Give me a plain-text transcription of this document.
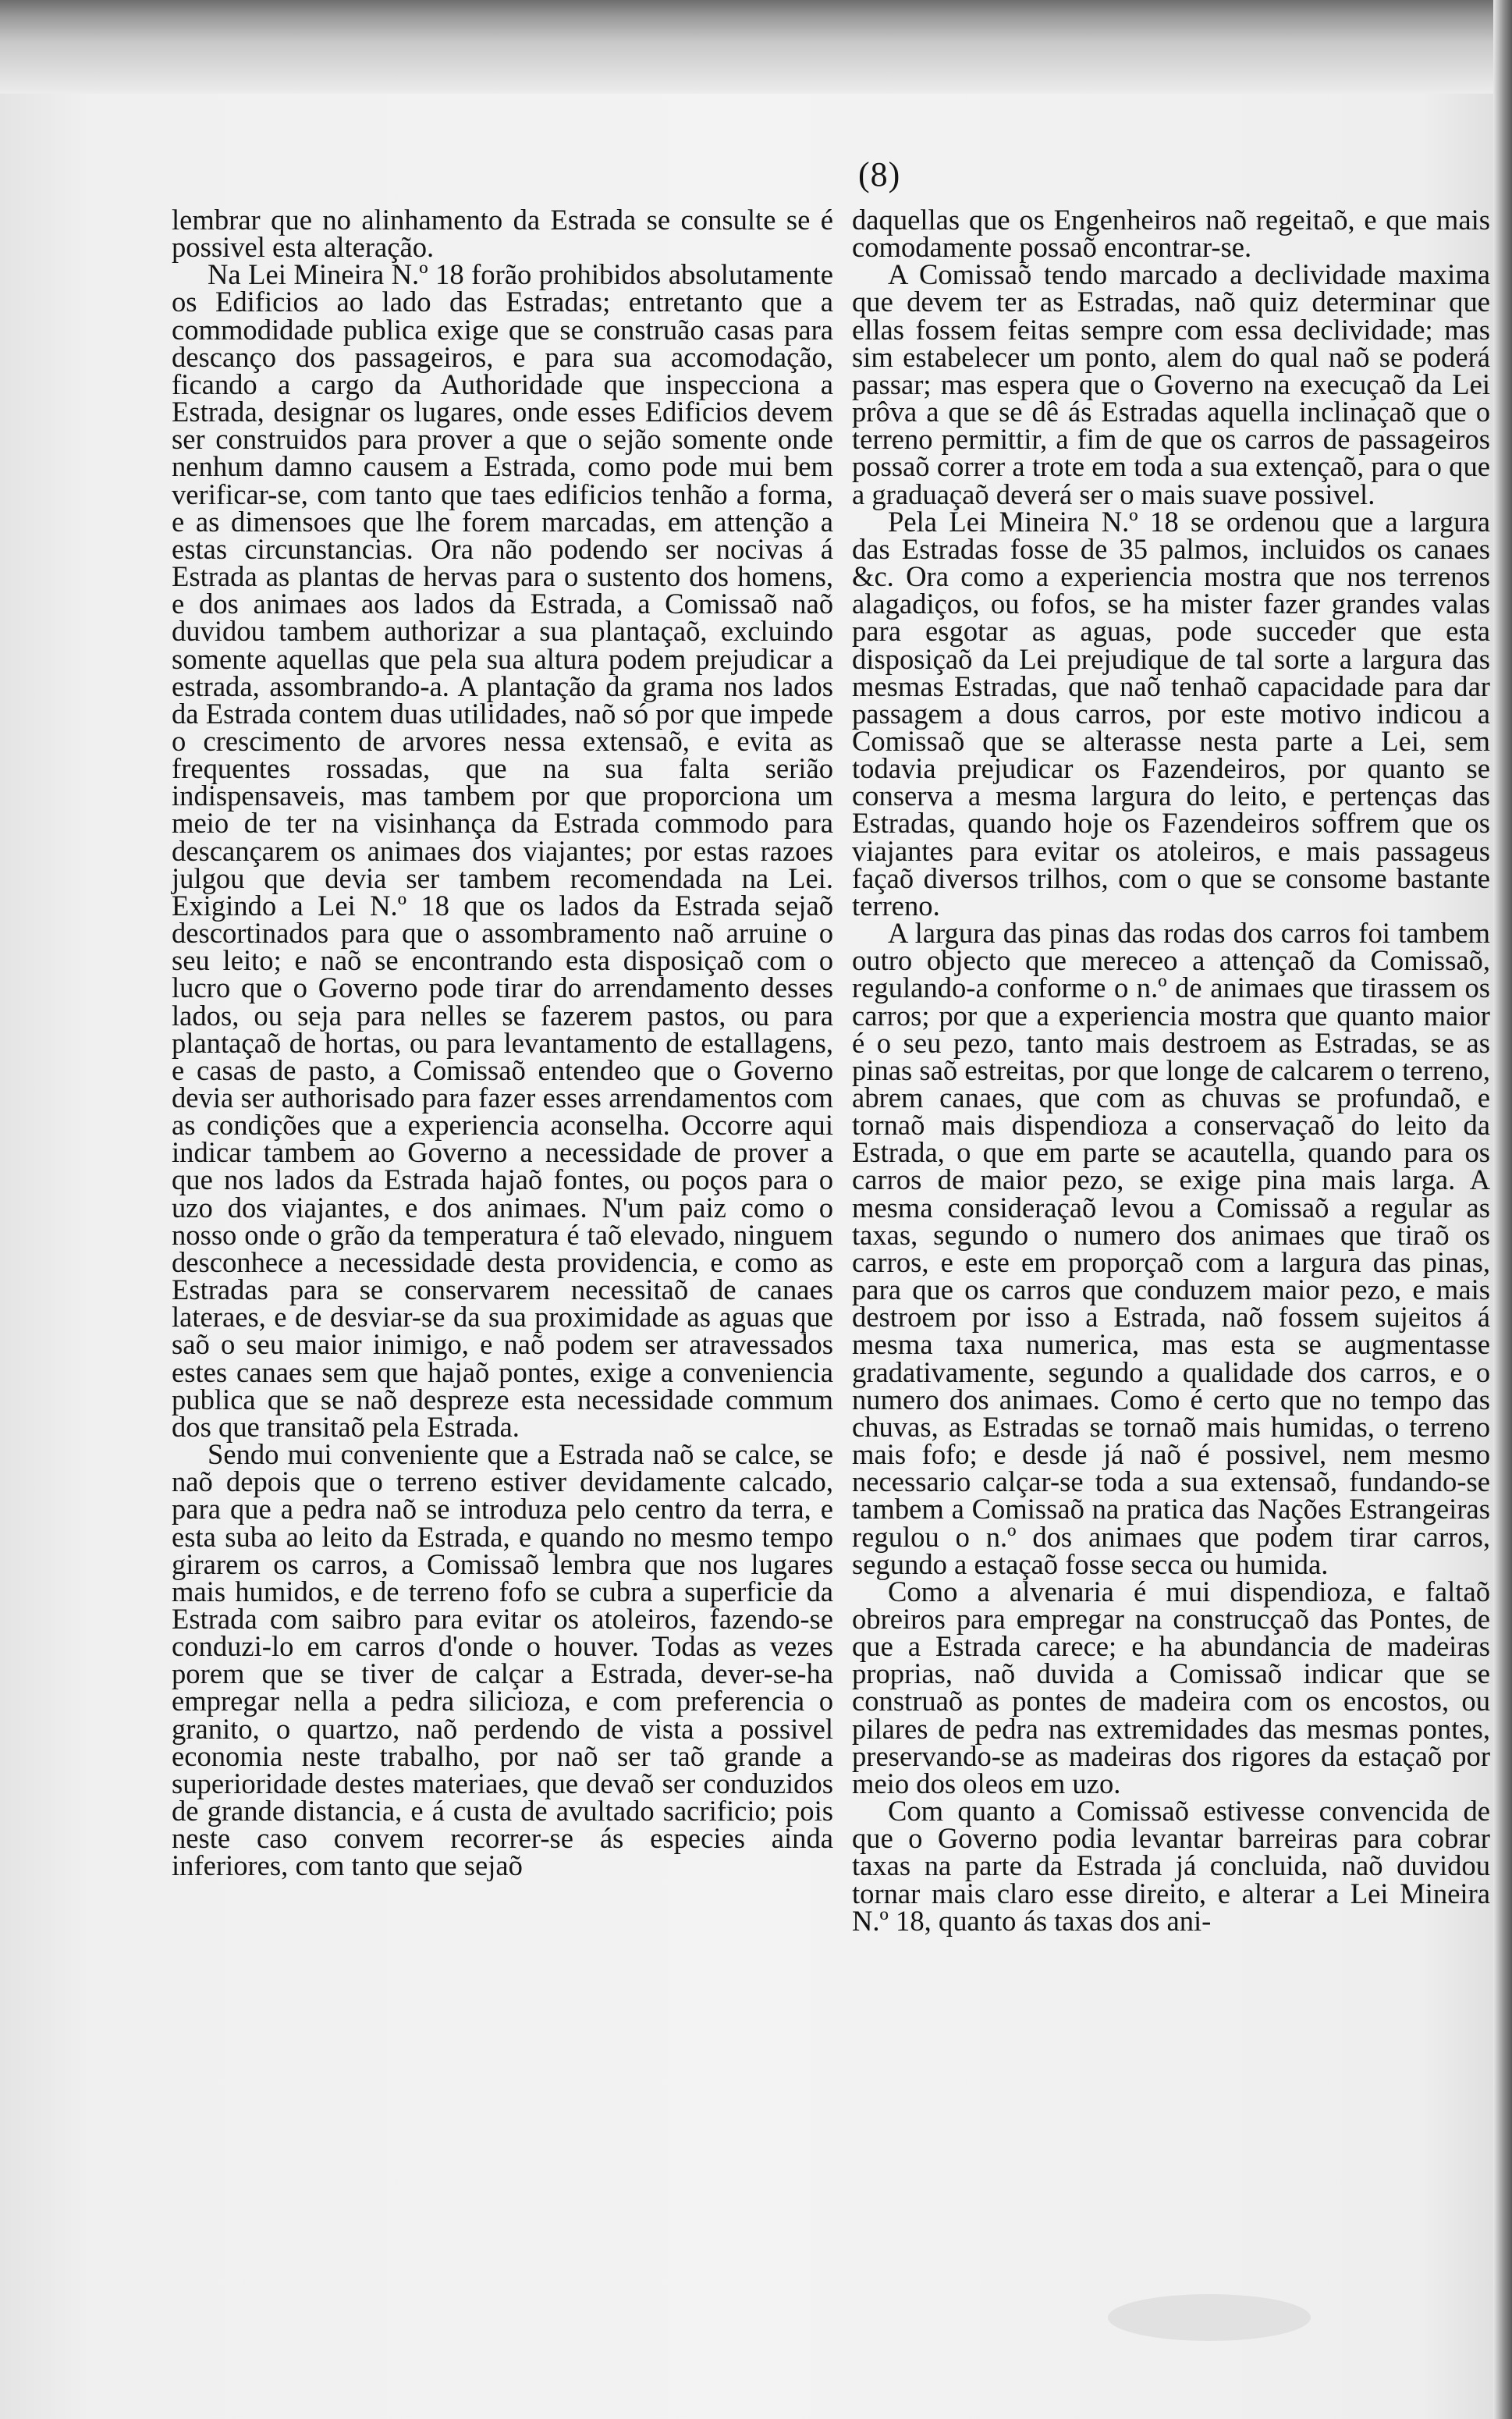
(8)

lembrar que no alinhamento da Estrada se consulte se é possivel esta alteração.

Na Lei Mineira N.º 18 forão prohibidos absolutamente os Edificios ao lado das Estradas; entretanto que a commodidade publica exige que se construão casas para descanço dos passageiros, e para sua accomodação, ficando a cargo da Authoridade que inspecciona a Estrada, designar os lugares, onde esses Edificios devem ser construidos para prover a que o sejão somente onde nenhum damno causem a Estrada, como pode mui bem verificar-se, com tanto que taes edificios tenhão a forma, e as dimensoes que lhe forem marcadas, em attenção a estas circunstancias. Ora não podendo ser nocivas á Estrada as plantas de hervas para o sustento dos homens, e dos animaes aos lados da Estrada, a Comissaõ naõ duvidou tambem authorizar a sua plantaçaõ, excluindo somente aquellas que pela sua altura podem prejudicar a estrada, assombrando-a. A plantação da grama nos lados da Estrada contem duas utilidades, naõ só por que impede o crescimento de arvores nessa extensaõ, e evita as frequentes rossadas, que na sua falta serião indispensaveis, mas tambem por que proporciona um meio de ter na visinhança da Estrada commodo para descançarem os animaes dos viajantes; por estas razoes julgou que devia ser tambem recomendada na Lei. Exigindo a Lei N.º 18 que os lados da Estrada sejaõ descortinados para que o assombramento naõ arruine o seu leito; e naõ se encontrando esta disposiçaõ com o lucro que o Governo pode tirar do arrendamento desses lados, ou seja para nelles se fazerem pastos, ou para plantaçaõ de hortas, ou para levantamento de estallagens, e casas de pasto, a Comissaõ entendeo que o Governo devia ser authorisado para fazer esses arrendamentos com as condições que a experiencia aconselha. Occorre aqui indicar tambem ao Governo a necessidade de prover a que nos lados da Estrada hajaõ fontes, ou poços para o uzo dos viajantes, e dos animaes. N'um paiz como o nosso onde o grão da temperatura é taõ elevado, ninguem desconhece a necessidade desta providencia, e como as Estradas para se conservarem necessitaõ de canaes lateraes, e de desviar-se da sua proximidade as aguas que saõ o seu maior inimigo, e naõ podem ser atravessados estes canaes sem que hajaõ pontes, exige a conveniencia publica que se naõ despreze esta necessidade commum dos que transitaõ pela Estrada.

Sendo mui conveniente que a Estrada naõ se calce, se naõ depois que o terreno estiver devidamente calcado, para que a pedra naõ se introduza pelo centro da terra, e esta suba ao leito da Estrada, e quando no mesmo tempo girarem os carros, a Comissaõ lembra que nos lugares mais humidos, e de terreno fofo se cubra a superficie da Estrada com saibro para evitar os atoleiros, fazendo-se conduzi-lo em carros d'onde o houver. Todas as vezes porem que se tiver de calçar a Estrada, dever-se-ha empregar nella a pedra silicioza, e com preferencia o granito, o quartzo, naõ perdendo de vista a possivel economia neste trabalho, por naõ ser taõ grande a superioridade destes materiaes, que devaõ ser conduzidos de grande distancia, e á custa de avultado sacrificio; pois neste caso convem recorrer-se ás especies ainda inferiores, com tanto que sejaõ

daquellas que os Engenheiros naõ regeitaõ, e que mais comodamente possaõ encontrar-se.

A Comissaõ tendo marcado a declividade maxima que devem ter as Estradas, naõ quiz determinar que ellas fossem feitas sempre com essa declividade; mas sim estabelecer um ponto, alem do qual naõ se poderá passar; mas espera que o Governo na execuçaõ da Lei prôva a que se dê ás Estradas aquella inclinaçaõ que o terreno permittir, a fim de que os carros de passageiros possaõ correr a trote em toda a sua extençaõ, para o que a graduaçaõ deverá ser o mais suave possivel.

Pela Lei Mineira N.º 18 se ordenou que a largura das Estradas fosse de 35 palmos, incluidos os canaes &c. Ora como a experiencia mostra que nos terrenos alagadiços, ou fofos, se ha mister fazer grandes valas para esgotar as aguas, pode succeder que esta disposiçaõ da Lei prejudique de tal sorte a largura das mesmas Estradas, que naõ tenhaõ capacidade para dar passagem a dous carros, por este motivo indicou a Comissaõ que se alterasse nesta parte a Lei, sem todavia prejudicar os Fazendeiros, por quanto se conserva a mesma largura do leito, e pertenças das Estradas, quando hoje os Fazendeiros soffrem que os viajantes para evitar os atoleiros, e mais passageus façaõ diversos trilhos, com o que se consome bastante terreno.

A largura das pinas das rodas dos carros foi tambem outro objecto que mereceo a attençaõ da Comissaõ, regulando-a conforme o n.º de animaes que tirassem os carros; por que a experiencia mostra que quanto maior é o seu pezo, tanto mais destroem as Estradas, se as pinas saõ estreitas, por que longe de calcarem o terreno, abrem canaes, que com as chuvas se profundaõ, e tornaõ mais dispendioza a conservaçaõ do leito da Estrada, o que em parte se acautella, quando para os carros de maior pezo, se exige pina mais larga. A mesma consideraçaõ levou a Comissaõ a regular as taxas, segundo o numero dos animaes que tiraõ os carros, e este em proporçaõ com a largura das pinas, para que os carros que conduzem maior pezo, e mais destroem por isso a Estrada, naõ fossem sujeitos á mesma taxa numerica, mas esta se augmentasse gradativamente, segundo a qualidade dos carros, e o numero dos animaes. Como é certo que no tempo das chuvas, as Estradas se tornaõ mais humidas, o terreno mais fofo; e desde já naõ é possivel, nem mesmo necessario calçar-se toda a sua extensaõ, fundando-se tambem a Comissaõ na pratica das Nações Estrangeiras regulou o n.º dos animaes que podem tirar carros, segundo a estaçaõ fosse secca ou humida.

Como a alvenaria é mui dispendioza, e faltaõ obreiros para empregar na construcçaõ das Pontes, de que a Estrada carece; e ha abundancia de madeiras proprias, naõ duvida a Comissaõ indicar que se construaõ as pontes de madeira com os encostos, ou pilares de pedra nas extremidades das mesmas pontes, preservando-se as madeiras dos rigores da estaçaõ por meio dos oleos em uzo.

Com quanto a Comissaõ estivesse convencida de que o Governo podia levantar barreiras para cobrar taxas na parte da Estrada já concluida, naõ duvidou tornar mais claro esse direito, e alterar a Lei Mineira N.º 18, quanto ás taxas dos ani-
